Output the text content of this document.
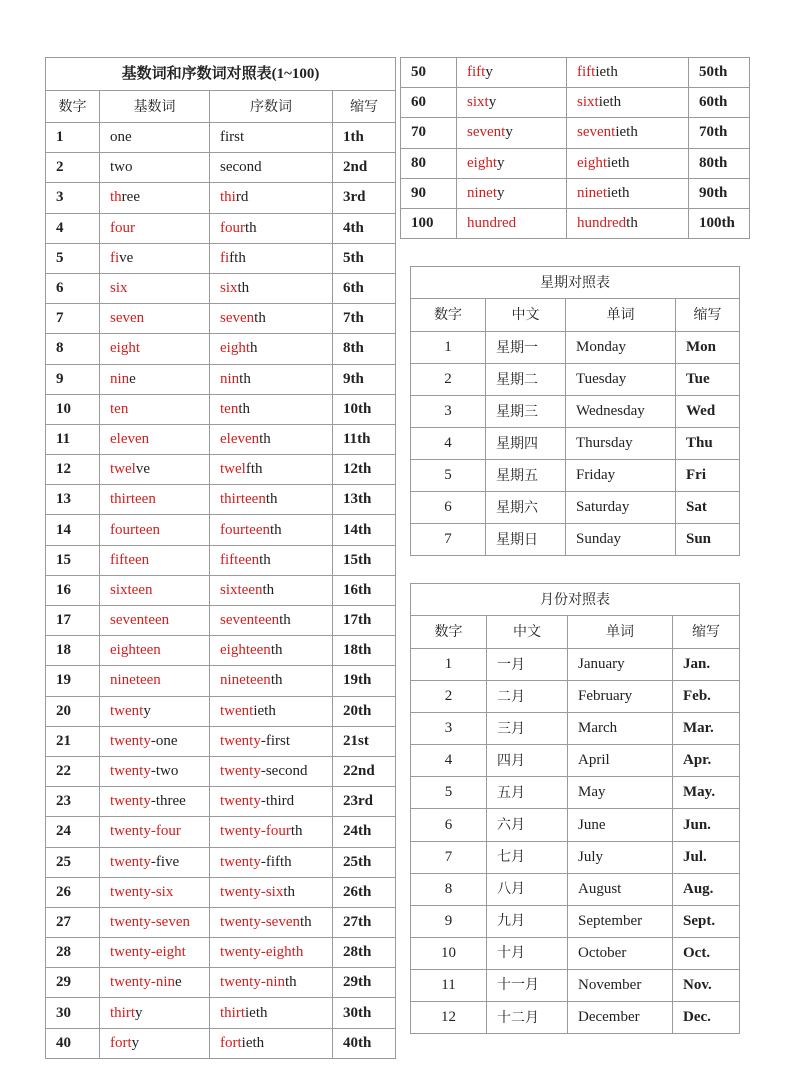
基数词和序数词对照表(1~100)			
数字	基数词	序数词	缩写
1	one	first	1th
2	two	second	2nd
3	three	third	3rd
4	four	fourth	4th
5	five	fifth	5th
6	six	sixth	6th
7	seven	seventh	7th
8	eight	eighth	8th
9	nine	ninth	9th
10	ten	tenth	10th
11	eleven	eleventh	11th
12	twelve	twelfth	12th
13	thirteen	thirteenth	13th
14	fourteen	fourteenth	14th
15	fifteen	fifteenth	15th
16	sixteen	sixteenth	16th
17	seventeen	seventeenth	17th
18	eighteen	eighteenth	18th
19	nineteen	nineteenth	19th
20	twenty	twentieth	20th
21	twenty-one	twenty-first	21st
22	twenty-two	twenty-second	22nd
23	twenty-three	twenty-third	23rd
24	twenty-four	twenty-fourth	24th
25	twenty-five	twenty-fifth	25th
26	twenty-six	twenty-sixth	26th
27	twenty-seven	twenty-seventh	27th
28	twenty-eight	twenty-eighth	28th
29	twenty-nine	twenty-ninth	29th
30	thirty	thirtieth	30th
40	forty	fortieth	40th
50	fifty	fiftieth	50th
60	sixty	sixtieth	60th
70	seventy	seventieth	70th
80	eighty	eightieth	80th
90	ninety	ninetieth	90th
100	hundred	hundredth	100th
星期对照表			
数字	中文	单词	缩写
1	星期一	Monday	Mon
2	星期二	Tuesday	Tue
3	星期三	Wednesday	Wed
4	星期四	Thursday	Thu
5	星期五	Friday	Fri
6	星期六	Saturday	Sat
7	星期日	Sunday	Sun
月份对照表			
数字	中文	单词	缩写
1	一月	January	Jan.
2	二月	February	Feb.
3	三月	March	Mar.
4	四月	April	Apr.
5	五月	May	May.
6	六月	June	Jun.
7	七月	July	Jul.
8	八月	August	Aug.
9	九月	September	Sept.
10	十月	October	Oct.
11	十一月	November	Nov.
12	十二月	December	Dec.
